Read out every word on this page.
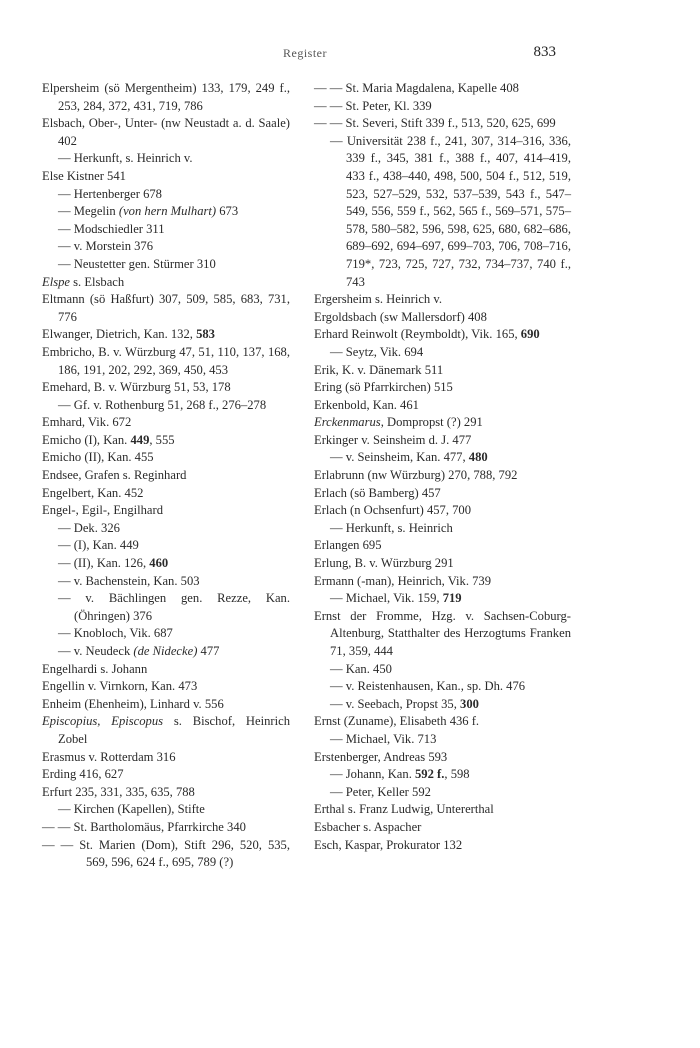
Register	833
Elpersheim (sö Mergentheim) 133, 179, 249 f., 253, 284, 372, 431, 719, 786
Elsbach, Ober-, Unter- (nw Neustadt a. d. Saale) 402
— Herkunft, s. Heinrich v.
Else Kistner 541
— Hertenberger 678
— Megelin (von hern Mulhart) 673
— Modschiedler 311
— v. Morstein 376
— Neustetter gen. Stürmer 310
Elspe s. Elsbach
Eltmann (sö Haßfurt) 307, 509, 585, 683, 731, 776
Elwanger, Dietrich, Kan. 132, 583
Embricho, B. v. Würzburg 47, 51, 110, 137, 168, 186, 191, 202, 292, 369, 450, 453
Emehard, B. v. Würzburg 51, 53, 178
— Gf. v. Rothenburg 51, 268 f., 276–278
Emhard, Vik. 672
Emicho (I), Kan. 449, 555
Emicho (II), Kan. 455
Endsee, Grafen s. Reginhard
Engelbert, Kan. 452
Engel-, Egil-, Engilhard
— Dek. 326
— (I), Kan. 449
— (II), Kan. 126, 460
— v. Bachenstein, Kan. 503
— v. Bächlingen gen. Rezze, Kan. (Öhringen) 376
— Knobloch, Vik. 687
— v. Neudeck (de Nidecke) 477
Engelhardi s. Johann
Engellin v. Virnkorn, Kan. 473
Enheim (Ehenheim), Linhard v. 556
Episcopius, Episcopus s. Bischof, Heinrich Zobel
Erasmus v. Rotterdam 316
Erding 416, 627
Erfurt 235, 331, 335, 635, 788
— Kirchen (Kapellen), Stifte
— — St. Bartholomäus, Pfarrkirche 340
— — St. Marien (Dom), Stift 296, 520, 535, 569, 596, 624 f., 695, 789 (?)
— — St. Maria Magdalena, Kapelle 408
— — St. Peter, Kl. 339
— — St. Severi, Stift 339 f., 513, 520, 625, 699
— Universität 238 f., 241, 307, 314–316, 336, 339 f., 345, 381 f., 388 f., 407, 414–419, 433 f., 438–440, 498, 500, 504 f., 512, 519, 523, 527–529, 532, 537–539, 543 f., 547–549, 556, 559 f., 562, 565 f., 569–571, 575–578, 580–582, 596, 598, 625, 680, 682–686, 689–692, 694–697, 699–703, 706, 708–716, 719*, 723, 725, 727, 732, 734–737, 740 f., 743
Ergersheim s. Heinrich v.
Ergoldsbach (sw Mallersdorf) 408
Erhard Reinwolt (Reymboldt), Vik. 165, 690
— Seytz, Vik. 694
Erik, K. v. Dänemark 511
Ering (sö Pfarrkirchen) 515
Erkenbold, Kan. 461
Erckenmarus, Dompropst (?) 291
Erkinger v. Seinsheim d. J. 477
— v. Seinsheim, Kan. 477, 480
Erlabrunn (nw Würzburg) 270, 788, 792
Erlach (sö Bamberg) 457
Erlach (n Ochsenfurt) 457, 700
— Herkunft, s. Heinrich
Erlangen 695
Erlung, B. v. Würzburg 291
Ermann (-man), Heinrich, Vik. 739
— Michael, Vik. 159, 719
Ernst der Fromme, Hzg. v. Sachsen-Coburg-Altenburg, Statthalter des Herzogtums Franken 71, 359, 444
— Kan. 450
— v. Reistenhausen, Kan., sp. Dh. 476
— v. Seebach, Propst 35, 300
Ernst (Zuname), Elisabeth 436 f.
— Michael, Vik. 713
Erstenberger, Andreas 593
— Johann, Kan. 592 f., 598
— Peter, Keller 592
Erthal s. Franz Ludwig, Untererthal
Esbacher s. Aspacher
Esch, Kaspar, Prokurator 132
